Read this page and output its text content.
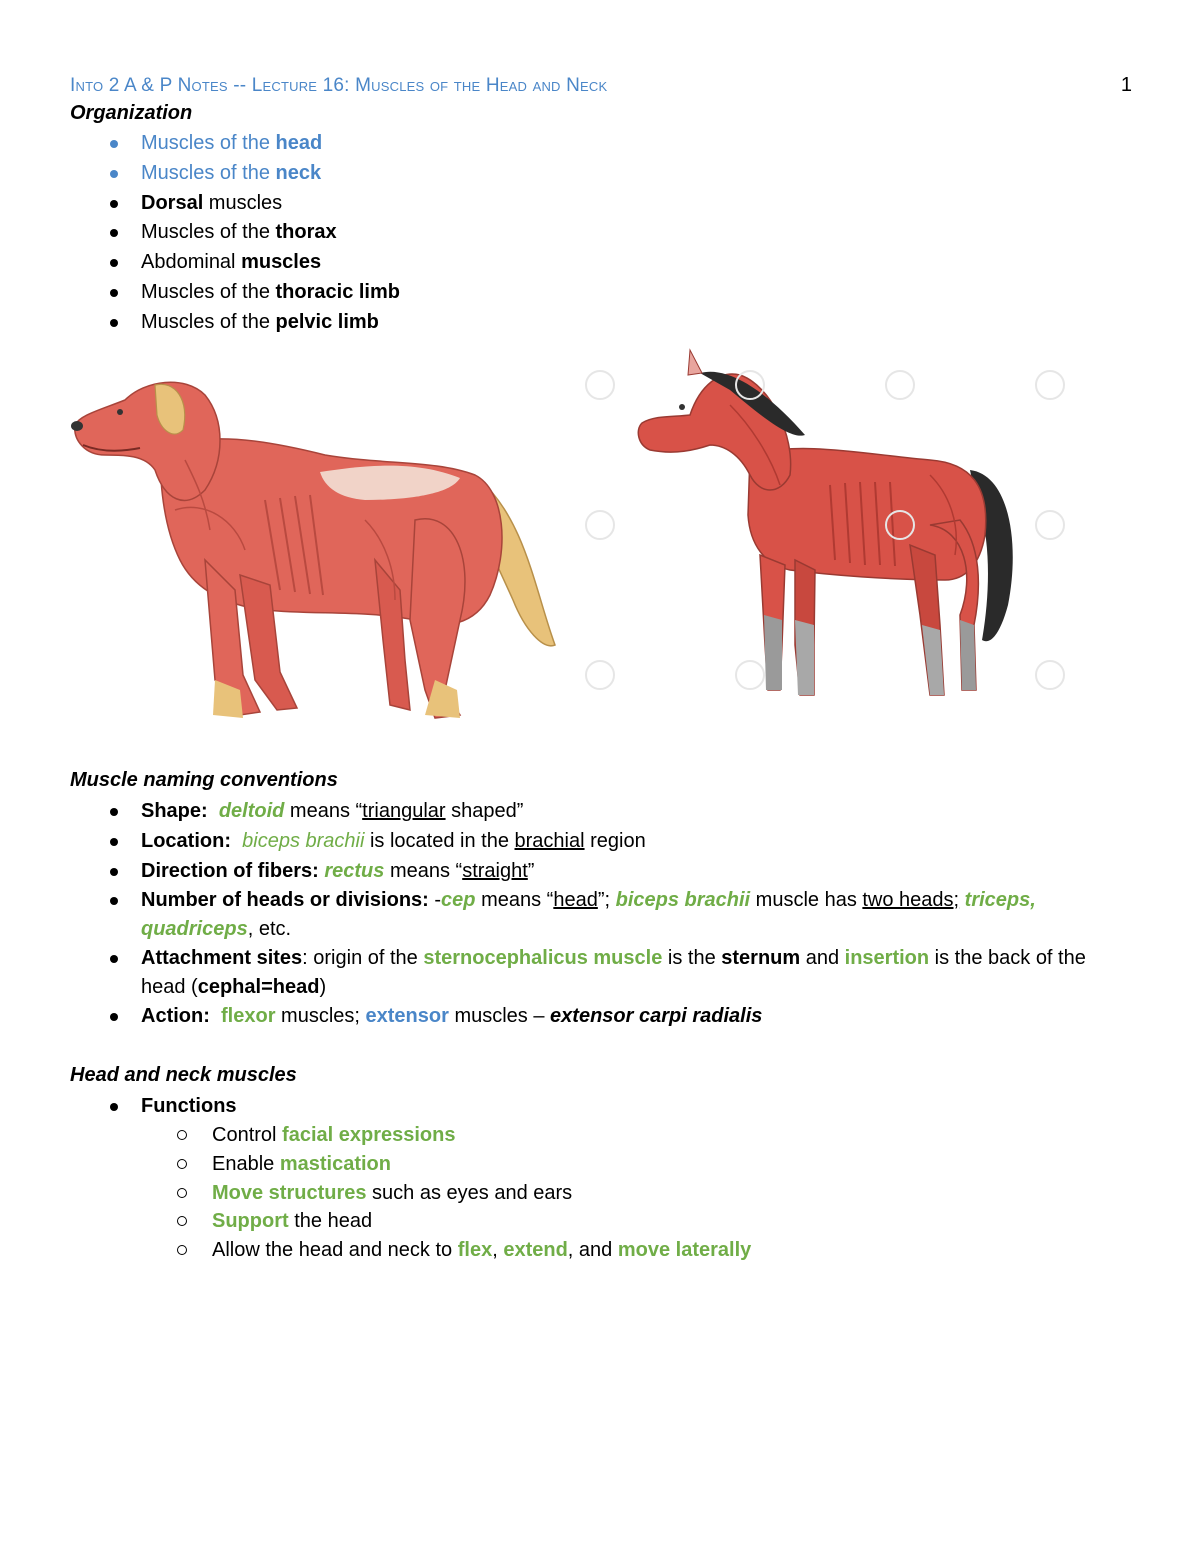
Into 2 A & P Notes -- Lecture 16: Muscles of the Head and Neck	1
Organization
Muscles of the head
Muscles of the neck
Dorsal muscles
Muscles of the thorax
Abdominal muscles
Muscles of the thoracic limb
Muscles of the pelvic limb
Muscle naming conventions
Shape: deltoid means “triangular shaped”
Location: biceps brachii is located in the brachial region
Direction of fibers: rectus means “straight”
Number of heads or divisions: -cep means “head”; biceps brachii muscle has two heads; triceps, quadriceps, etc.
Attachment sites: origin of the sternocephalicus muscle is the sternum and insertion is the back of the head (cephal=head)
Action: flexor muscles; extensor muscles – extensor carpi radialis
Head and neck muscles
Functions
Control facial expressions
Enable mastication
Move structures such as eyes and ears
Support the head
Allow the head and neck to flex, extend, and move laterally
